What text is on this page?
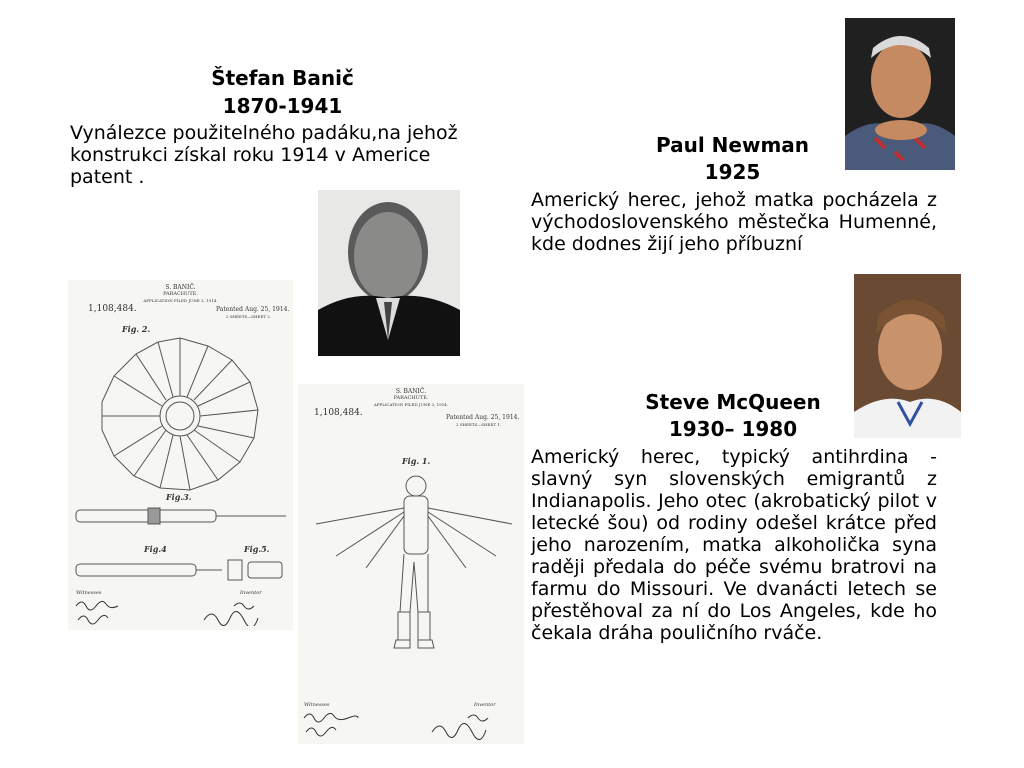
Štefan Banič
1870-1941
Vynálezce použitelného padáku,na jehož konstrukci získal roku 1914 v Americe patent .
S. BANIČ.
PARACHUTE.
APPLICATION FILED JUNE 3, 1914.
1,108,484.	Patented Aug. 25, 1914.
2 SHEETS—SHEET 2.
Fig. 2.
Fig.3.
Fig.4	Fig.5.
Witnesses	Inventor
S. BANIČ.
PARACHUTE.
APPLICATION FILED JUNE 3, 1914.
1,108,484.	Patented Aug. 25, 1914.
2 SHEETS—SHEET 1.
Fig. 1.
Witnesses	Inventor
Paul Newman
1925
Americký herec, jehož matka pocházela z východoslovenského městečka Humenné, kde dodnes žijí jeho příbuzní
Steve McQueen
1930– 1980
Americký herec, typický antihrdina - slavný syn slovenských emigrantů z Indianapolis. Jeho otec (akrobatický pilot v letecké šou) od rodiny odešel krátce před jeho narozením, matka alkoholička syna raději předala do péče svému bratrovi na farmu do Missouri. Ve dvanácti letech se přestěhoval za ní do Los Angeles, kde ho čekala dráha pouličního rváče.
